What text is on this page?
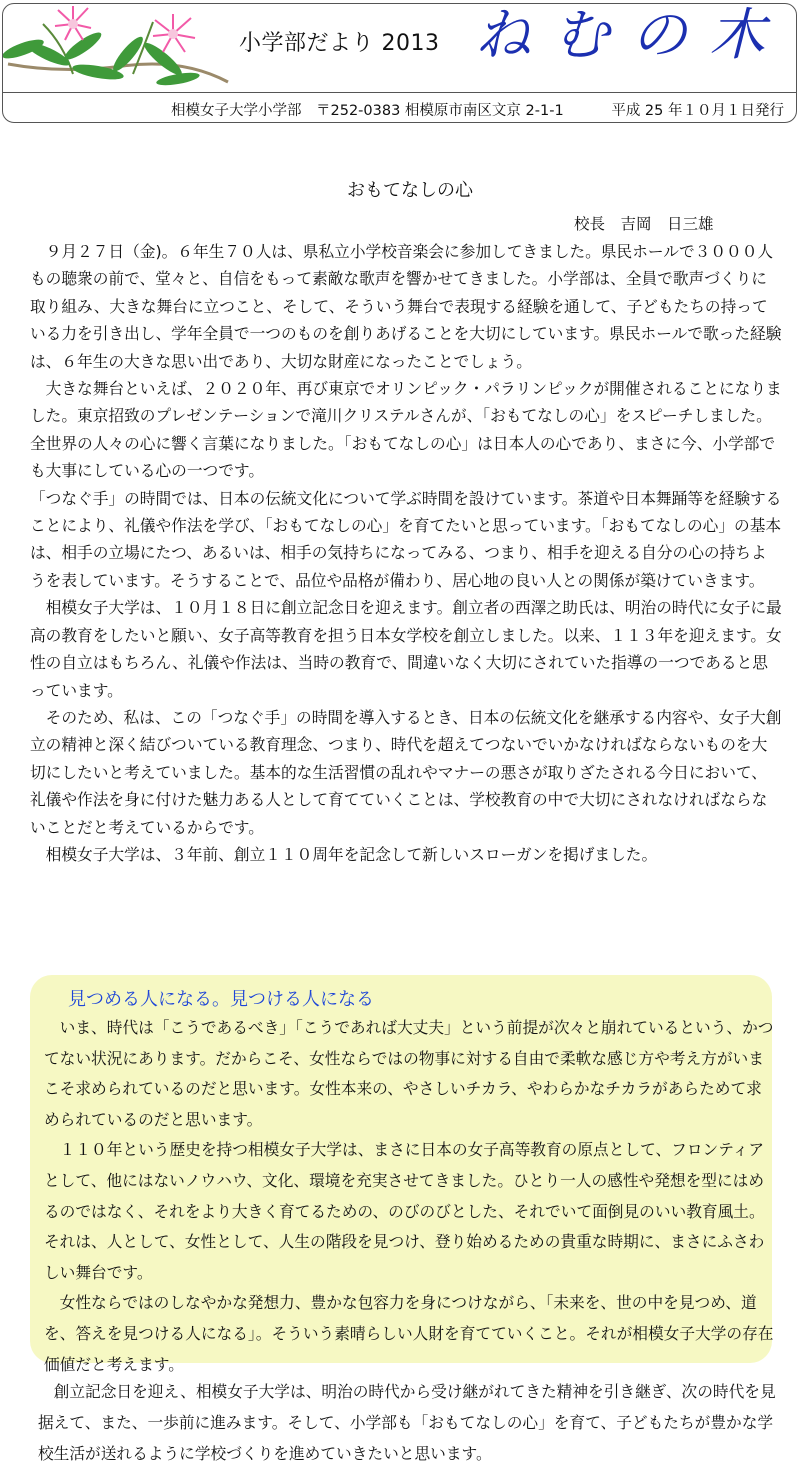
小学部だより 2013 ねむの木
相模女子大学小学部　〒252-0383 相模原市南区文京 2-1-1	平成 25 年１０月１日発行
おもてなしの心
校長　吉岡　日三雄

　９月２７日（金)。６年生７０人は、県私立小学校音楽会に参加してきました。県民ホールで３０００人もの聴衆の前で、堂々と、自信をもって素敵な歌声を響かせてきました。小学部は、全員で歌声づくりに取り組み、大きな舞台に立つこと、そして、そういう舞台で表現する経験を通して、子どもたちの持っている力を引き出し、学年全員で一つのものを創りあげることを大切にしています。県民ホールで歌った経験は、６年生の大きな思い出であり、大切な財産になったことでしょう。

　大きな舞台といえば、２０２０年、再び東京でオリンピック・パラリンピックが開催されることになりました。東京招致のプレゼンテーションで滝川クリステルさんが、「おもてなしの心」をスピーチしました。全世界の人々の心に響く言葉になりました。「おもてなしの心」は日本人の心であり、まさに今、小学部でも大事にしている心の一つです。

「つなぐ手」の時間では、日本の伝統文化について学ぶ時間を設けています。茶道や日本舞踊等を経験することにより、礼儀や作法を学び、「おもてなしの心」を育てたいと思っています。「おもてなしの心」の基本は、相手の立場にたつ、あるいは、相手の気持ちになってみる、つまり、相手を迎える自分の心の持ちようを表しています。そうすることで、品位や品格が備わり、居心地の良い人との関係が築けていきます。

　相模女子大学は、１０月１８日に創立記念日を迎えます。創立者の西澤之助氏は、明治の時代に女子に最高の教育をしたいと願い、女子高等教育を担う日本女学校を創立しました。以来、１１３年を迎えます。女性の自立はもちろん、礼儀や作法は、当時の教育で、間違いなく大切にされていた指導の一つであると思っています。

　そのため、私は、この「つなぐ手」の時間を導入するとき、日本の伝統文化を継承する内容や、女子大創立の精神と深く結びついている教育理念、つまり、時代を超えてつないでいかなければならないものを大切にしたいと考えていました。基本的な生活習慣の乱れやマナーの悪さが取りざたされる今日において、礼儀や作法を身に付けた魅力ある人として育てていくことは、学校教育の中で大切にされなければならないことだと考えているからです。

　相模女子大学は、３年前、創立１１０周年を記念して新しいスローガンを掲げました。

見つめる人になる。見つける人になる

　いま、時代は「こうであるべき」「こうであれば大丈夫」という前提が次々と崩れているという、かつてない状況にあります。だからこそ、女性ならではの物事に対する自由で柔軟な感じ方や考え方がいまこそ求められているのだと思います。女性本来の、やさしいチカラ、やわらかなチカラがあらためて求められているのだと思います。

　１１０年という歴史を持つ相模女子大学は、まさに日本の女子高等教育の原点として、フロンティアとして、他にはないノウハウ、文化、環境を充実させてきました。ひとり一人の感性や発想を型にはめるのではなく、それをより大きく育てるための、のびのびとした、それでいて面倒見のいい教育風土。それは、人として、女性として、人生の階段を見つけ、登り始めるための貴重な時期に、まさにふさわしい舞台です。

　女性ならではのしなやかな発想力、豊かな包容力を身につけながら、「未来を、世の中を見つめ、道を、答えを見つける人になる」。そういう素晴らしい人財を育てていくこと。それが相模女子大学の存在価値だと考えます。

　創立記念日を迎え、相模女子大学は、明治の時代から受け継がれてきた精神を引き継ぎ、次の時代を見据えて、また、一歩前に進みます。そして、小学部も「おもてなしの心」を育て、子どもたちが豊かな学校生活が送れるように学校づくりを進めていきたいと思います。
